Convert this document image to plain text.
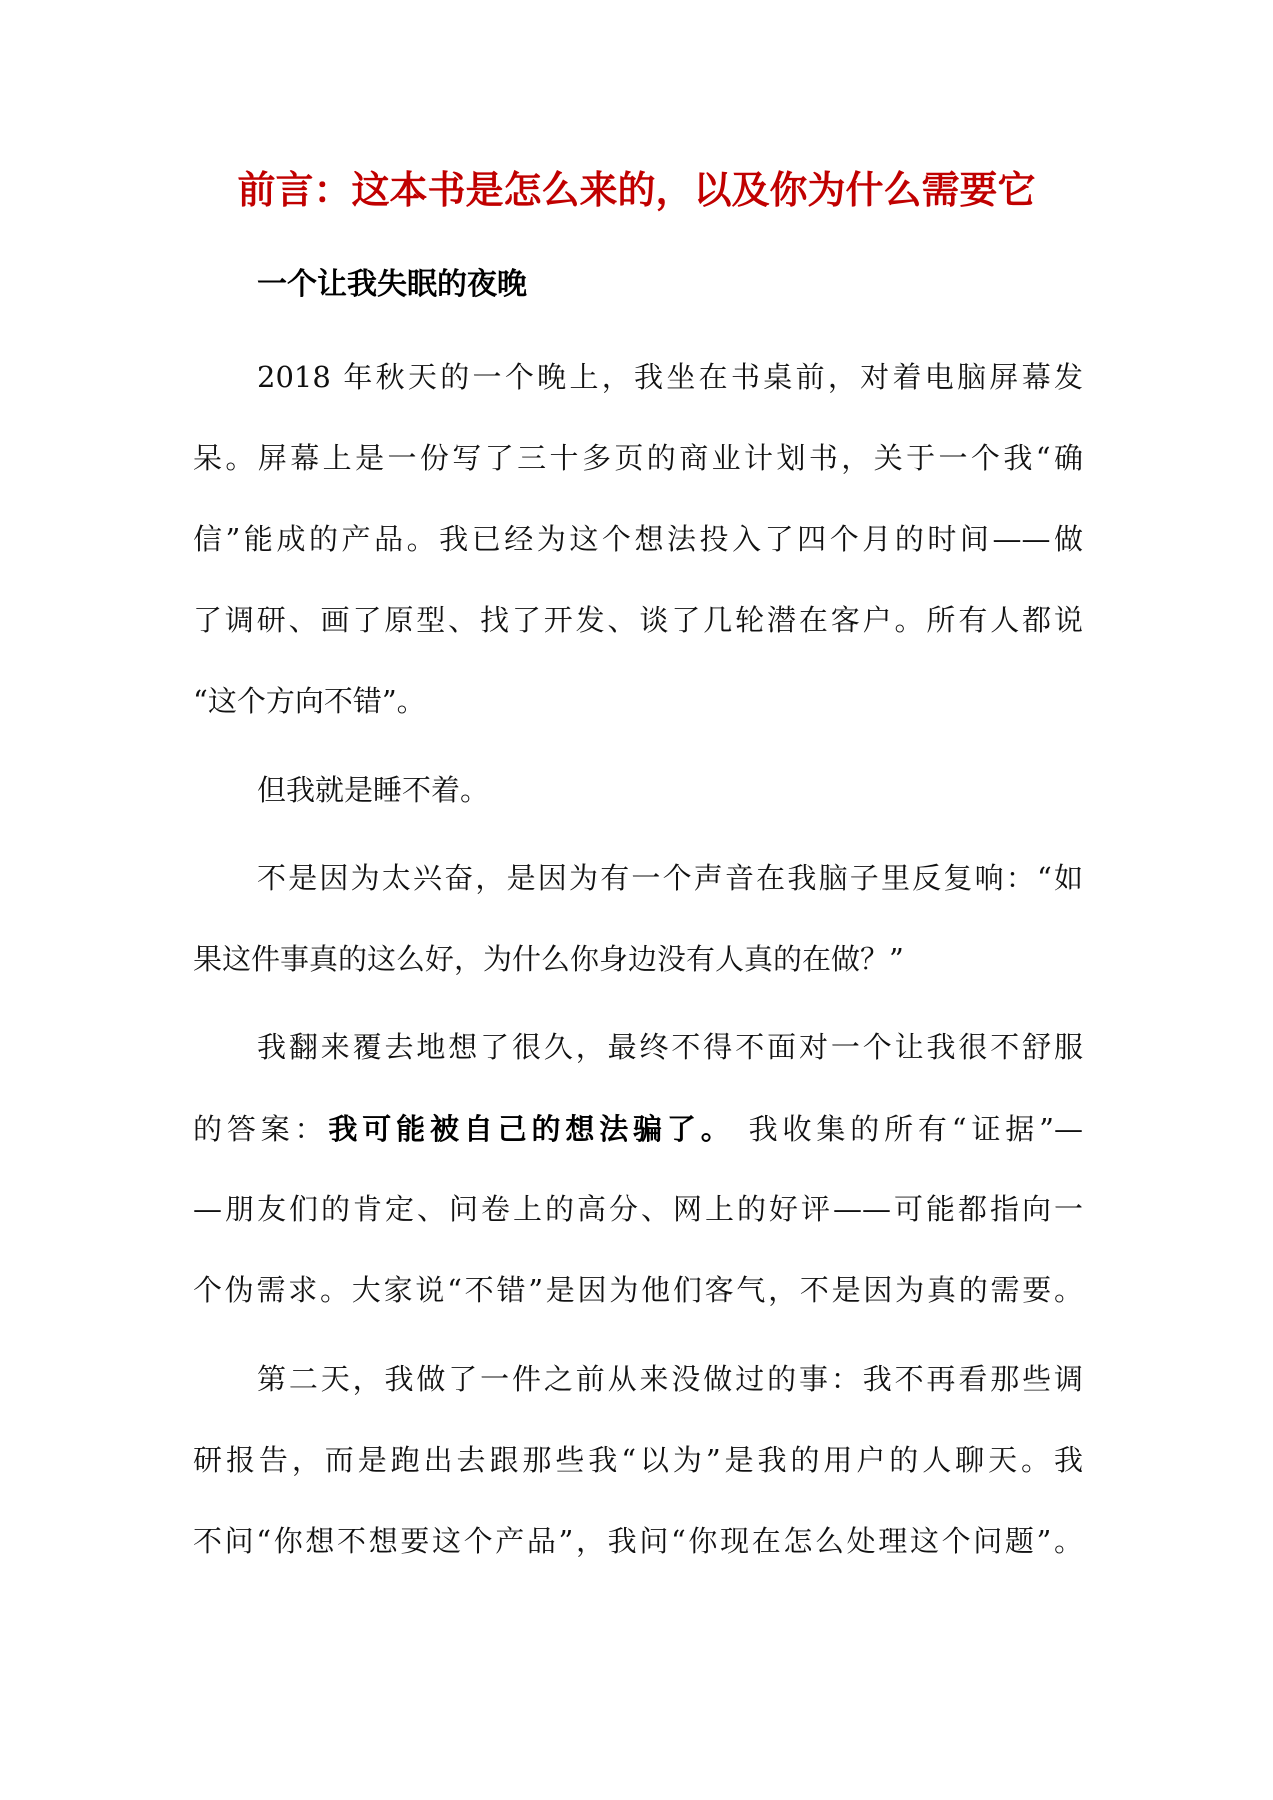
前言：这本书是怎么来的，以及你为什么需要它
一个让我失眠的夜晚
2018 年秋天的一个晚上，我坐在书桌前，对着电脑屏幕发
呆。屏幕上是一份写了三十多页的商业计划书，关于一个我“确
信”能成的产品。我已经为这个想法投入了四个月的时间——做
了调研、画了原型、找了开发、谈了几轮潜在客户。所有人都说
“这个方向不错”。
但我就是睡不着。
不是因为太兴奋，是因为有一个声音在我脑子里反复响：“如
果这件事真的这么好，为什么你身边没有人真的在做？”
我翻来覆去地想了很久，最终不得不面对一个让我很不舒服
的答案：我可能被自己的想法骗了。 我收集的所有“证据”—
—朋友们的肯定、问卷上的高分、网上的好评——可能都指向一
个伪需求。大家说“不错”是因为他们客气，不是因为真的需要。
第二天，我做了一件之前从来没做过的事：我不再看那些调
研报告，而是跑出去跟那些我“以为”是我的用户的人聊天。我
不问“你想不想要这个产品”，我问“你现在怎么处理这个问题”。
